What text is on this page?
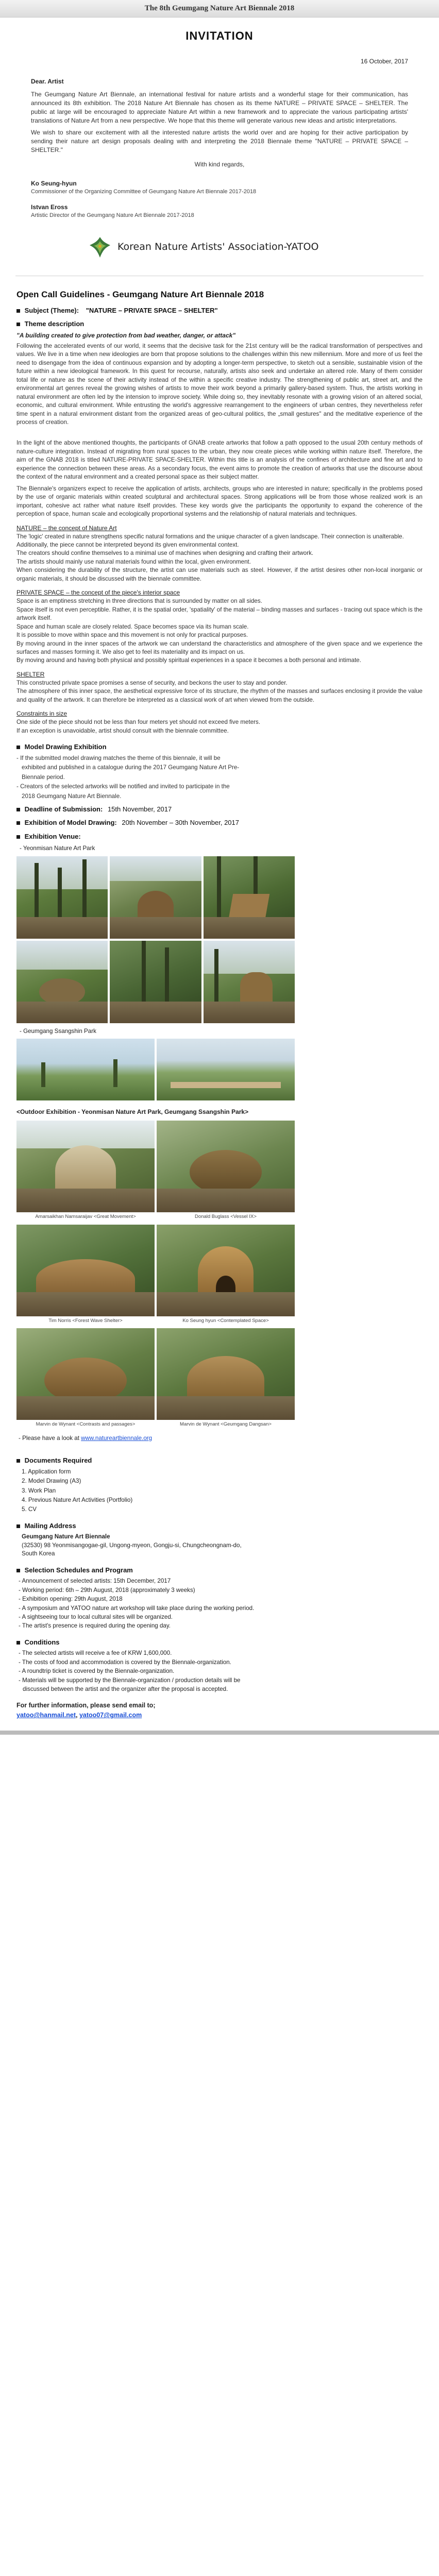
The 8th Geumgang Nature Art Biennale 2018
INVITATION
16 October, 2017
Dear. Artist

The Geumgang Nature Art Biennale, an international festival for nature artists and a wonderful stage for their communication, has announced its 8th exhibition. The 2018 Nature Art Biennale has chosen as its theme NATURE – PRIVATE SPACE – SHELTER. The public at large will be encouraged to appreciate Nature Art within a new framework and to appreciate the various participating artists' translations of Nature Art from a new perspective. We hope that this theme will generate various new ideas and artistic interpretations.

We wish to share our excitement with all the interested nature artists the world over and are hoping for their active participation by sending their nature art design proposals dealing with and interpreting the 2018 Biennale theme "NATURE – PRIVATE SPACE – SHELTER."

With kind regards,

Ko Seung-hyun
Commissioner of the Organizing Committee of Geumgang Nature Art Biennale 2017-2018
Istvan Eross
Artistic Director of the Geumgang Nature Art Biennale 2017-2018
Korean Nature Artists' Association-YATOO
Open Call Guidelines - Geumgang Nature Art Biennale 2018
Subject (Theme): "NATURE – PRIVATE SPACE – SHELTER"
Theme description
"A building created to give protection from bad weather, danger, or attack"

Following the accelerated events of our world, it seems that the decisive task for the 21st century will be the radical transformation of perspectives and values. We live in a time when new ideologies are born that propose solutions to the challenges within this new millennium. More and more of us feel the need to disengage from the idea of continuous expansion and by adopting a longer-term perspective, to sketch out a sensible, sustainable vision of the future within a new ideological framework. In this quest for recourse, naturally, artists also seek and undertake an altered role. Many of them consider total life or nature as the scene of their activity instead of the within a specific creative industry. The strengthening of public art, street art, and the environmental art genres reveal the growing wishes of artists to move their work beyond a primarily gallery-based system. Thus, the artists working in natural environment are often led by the intension to improve society. While doing so, they inevitably resonate with a growing vision of an altered social, economic, and cultural environment. While entrusting the world's aggressive rearrangement to the engineers of urban centres, they nevertheless refer time spent in a natural environment distant from the organized areas of geo-cultural politics, the „small gestures" and the meditative experience of the process of creation.

In the light of the above mentioned thoughts, the participants of GNAB create artworks that follow a path opposed to the usual 20th century methods of nature-culture integration. Instead of migrating from rural spaces to the urban, they now create pieces while working within nature itself. Therefore, the aim of the GNAB 2018 is titled NATURE-PRIVATE SPACE-SHELTER. Within this title is an analysis of the confines of architecture and fine art and to experience the connection between these areas. As a secondary focus, the event aims to promote the creation of artworks that use the discourse about the context of the natural environment and a created personal space as their subject matter.

The Biennale's organizers expect to receive the application of artists, architects, groups who are interested in nature; specifically in the problems posed by the use of organic materials within created sculptural and architectural spaces. Strong applications will be from those whose realized work is an important, cohesive act rather what nature itself provides. These key words give the participants the opportunity to expand the coherence of the perception of space, human scale and ecologically proportional systems and the relationship of natural materials and techniques.

NATURE – the concept of Nature Art

The 'logic' created in nature strengthens specific natural formations and the unique character of a given landscape. Their connection is unalterable.

Additionally, the piece cannot be interpreted beyond its given environmental context.

The creators should confine themselves to a minimal use of machines when designing and crafting their artwork.

The artists should mainly use natural materials found within the local, given environment.

When considering the durability of the structure, the artist can use materials such as steel. However, if the artist desires other non-local inorganic or organic materials, it should be discussed with the biennale committee.

PRIVATE SPACE – the concept of the piece's interior space

Space is an emptiness stretching in three directions that is surrounded by matter on all sides.

Space itself is not even perceptible. Rather, it is the spatial order, 'spatiality' of the material – binding masses and surfaces - tracing out space which is the artwork itself.

Space and human scale are closely related. Space becomes space via its human scale.

It is possible to move within space and this movement is not only for practical purposes.

By moving around in the inner spaces of the artwork we can understand the characteristics and atmosphere of the given space and we experience the surfaces and masses forming it. We also get to feel its materiality and its impact on us.

By moving around and having both physical and possibly spiritual experiences in a space it becomes a both personal and intimate.

SHELTER

This constructed private space promises a sense of security, and beckons the user to stay and ponder.

The atmosphere of this inner space, the aesthetical expressive force of its structure, the rhythm of the masses and surfaces enclosing it provide the value and quality of the artwork. It can therefore be interpreted as a classical work of art when viewed from the outside.

Constraints in size

One side of the piece should not be less than four meters yet should not exceed five meters.

If an exception is unavoidable, artist should consult with the biennale committee.

Model Drawing Exhibition

- If the submitted model drawing matches the theme of this biennale, it will be

exhibited and published in a catalogue during the 2017 Geumgang Nature Art Pre-

Biennale period.

- Creators of the selected artworks will be notified and invited to participate in the

2018 Geumgang Nature Art Biennale.

Deadline of Submission: 15th November, 2017
Exhibition of Model Drawing: 20th November – 30th November, 2017
Exhibition Venue:
- Yeonmisan Nature Art Park
- Geumgang Ssangshin Park
<Outdoor Exhibition - Yeonmisan Nature Art Park, Geumgang Ssangshin Park>
Amarsaikhan Namsaraijav <Great Movement>	Donald Buglass <Vessel IX>
Tim Norris <Forest Wave Shelter>	Ko Seung hyun <Contemplated Space>
Marvin de Wynant <Contrasts and passages>	Marvin de Wynant <Geumgang Dangsan>
- Please have a look at www.natureartbiennale.org
Documents Required

1. Application form

2. Model Drawing (A3)

3. Work Plan

4. Previous Nature Art Activities (Portfolio)

5. CV

Mailing Address

Geumgang Nature Art Biennale

(32530) 98 Yeonmisangogae-gil, Ungong-myeon, Gongju-si, Chungcheongnam-do,

South Korea

Selection Schedules and Program

- Announcement of selected artists: 15th December, 2017

- Working period: 6th – 29th August, 2018 (approximately 3 weeks)

- Exhibition opening: 29th August, 2018

- A symposium and YATOO nature art workshop will take place during the working period.

- A sightseeing tour to local cultural sites will be organized.

- The artist's presence is required during the opening day.

Conditions

- The selected artists will receive a fee of KRW 1,600,000.

- The costs of food and accommodation is covered by the Biennale-organization.

- A roundtrip ticket is covered by the Biennale-organization.

- Materials will be supported by the Biennale-organization / production details will be

discussed between the artist and the organizer after the proposal is accepted.

For further information, please send email to;
yatoo@hanmail.net, yatoo07@gmail.com
